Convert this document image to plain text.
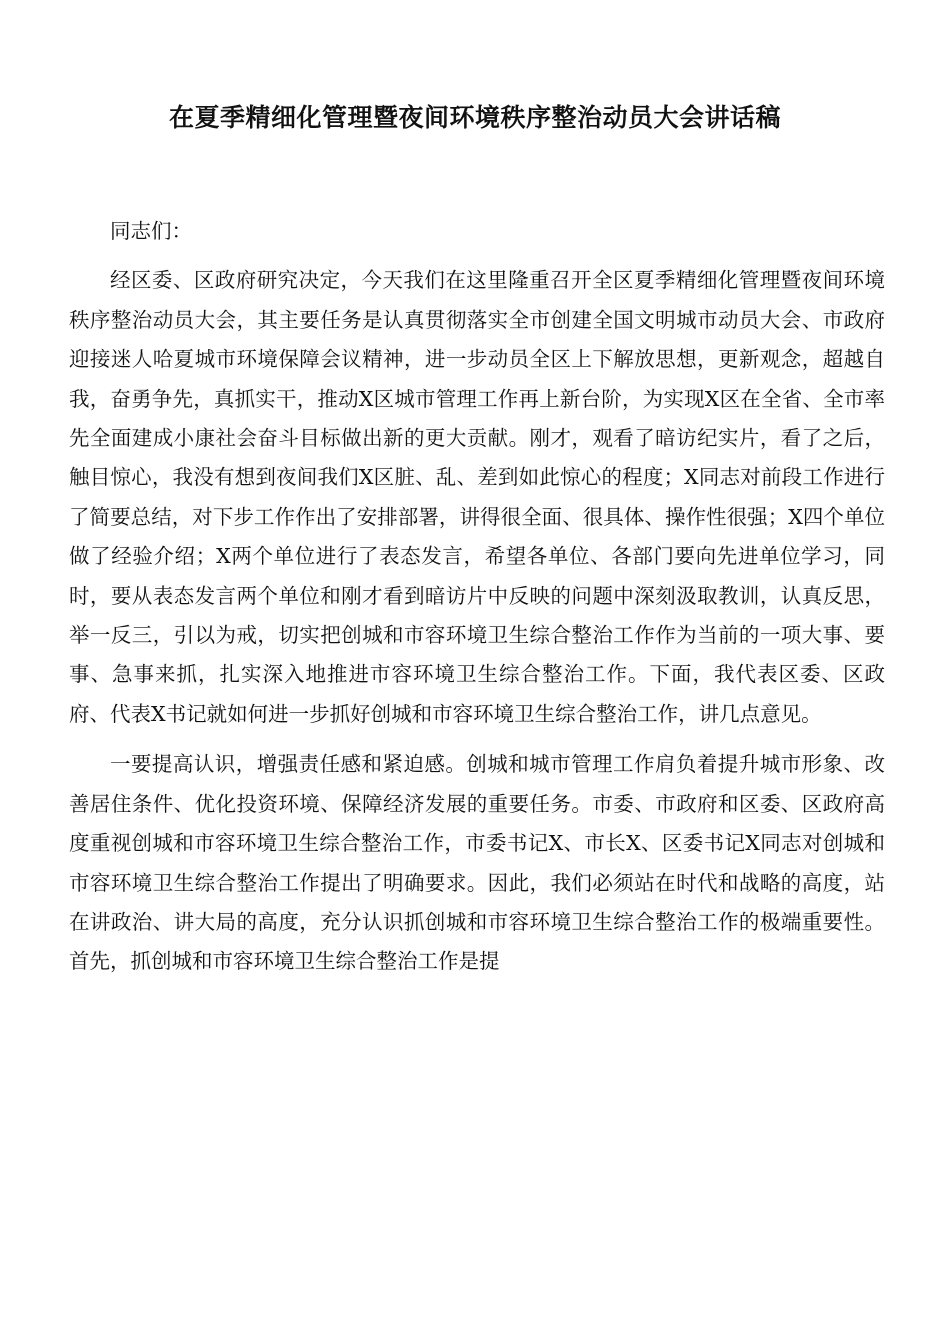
在夏季精细化管理暨夜间环境秩序整治动员大会讲话稿

同志们：

经区委、区政府研究决定，今天我们在这里隆重召开全区夏季精细化管理暨夜间环境秩序整治动员大会，其主要任务是认真贯彻落实全市创建全国文明城市动员大会、市政府迎接迷人哈夏城市环境保障会议精神，进一步动员全区上下解放思想，更新观念，超越自我，奋勇争先，真抓实干，推动X区城市管理工作再上新台阶，为实现X区在全省、全市率先全面建成小康社会奋斗目标做出新的更大贡献。刚才，观看了暗访纪实片，看了之后，触目惊心，我没有想到夜间我们X区脏、乱、差到如此惊心的程度；X同志对前段工作进行了简要总结，对下步工作作出了安排部署，讲得很全面、很具体、操作性很强；X四个单位做了经验介绍；X两个单位进行了表态发言，希望各单位、各部门要向先进单位学习，同时，要从表态发言两个单位和刚才看到暗访片中反映的问题中深刻汲取教训，认真反思，举一反三，引以为戒，切实把创城和市容环境卫生综合整治工作作为当前的一项大事、要事、急事来抓，扎实深入地推进市容环境卫生综合整治工作。下面，我代表区委、区政府、代表X书记就如何进一步抓好创城和市容环境卫生综合整治工作，讲几点意见。

一要提高认识，增强责任感和紧迫感。创城和城市管理工作肩负着提升城市形象、改善居住条件、优化投资环境、保障经济发展的重要任务。市委、市政府和区委、区政府高度重视创城和市容环境卫生综合整治工作，市委书记X、市长X、区委书记X同志对创城和市容环境卫生综合整治工作提出了明确要求。因此，我们必须站在时代和战略的高度，站在讲政治、讲大局的高度，充分认识抓创城和市容环境卫生综合整治工作的极端重要性。首先，抓创城和市容环境卫生综合整治工作是提
